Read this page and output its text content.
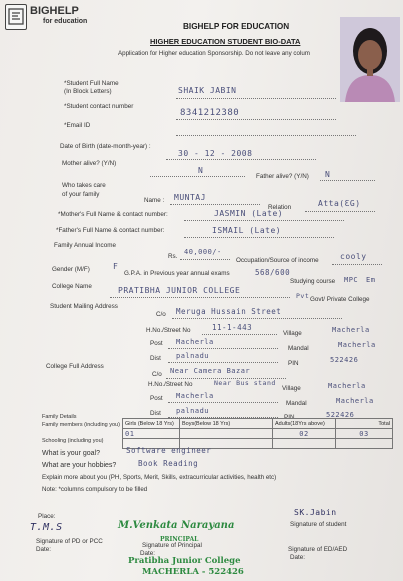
BIGHELP
for education
BIGHELP FOR EDUCATION
HIGHER EDUCATION STUDENT BIO-DATA
Application for Higher education Sponsorship. Do not leave any colum
*Student Full Name
(In Block Letters)	SHAIK JABIN
*Student contact number
8341212380
*Email ID
Date of Birth (date-month-year) :
30 - 12 - 2008
Mother alive? (Y/N)
N
Father alive? (Y/N) N
Who takes care
of your family
Name : MUNTAJ
Relation	Atta(ƐG)
*Mother's Full Name & contact number:	JASMIN (Late)
*Father's Full Name & contact number:	ISMAIL (Late)
Family Annual Income
Rs.
40,000/-
Occupation/Source of income	cooly
Gender (M/F)	F
G.P.A. in Previous year annual exams	568/600
Studying course MPC Em
College Name	PRATIBHA JUNIOR COLLEGE
Govt/ Private College
Pvt
Student Mailing Address
C/o Meruga Hussain Street
H.No./Street No	11-1-443
Village	Macherla
Post Macherla
Mandal	Macherla
Dist palnadu
PIN	522426
College Full Address
C/o Near Camera Bazar
H.No./Street No	Near Bus stand
Village	Macherla
Post Macherla
Mandal	Macherla
Dist palnadu
PIN	522426
Family Details
Family members (including you)
Schooling (including you)
Girls (Below 18 Yrs)	Boys(Below 18 Yrs)	Adults(18Yrs above)	Total
01		02	03

What is your goal?	Software engineer
What are your hobbies?	Book Reading
Explain more about you (PH, Sports, Merit, Skills, extracurricular activities, health etc)
Note: *columns compulsory to be filled
Place:
T.M.S
Signature of PD or PCC
Date:
M.Venkata Narayana
Signature of Principal
Date:
PRINCIPAL
Pratibha Junior College
MACHERLA - 522426
SK.Jabin
Signature of student
Signature of ED/AED
Date:
